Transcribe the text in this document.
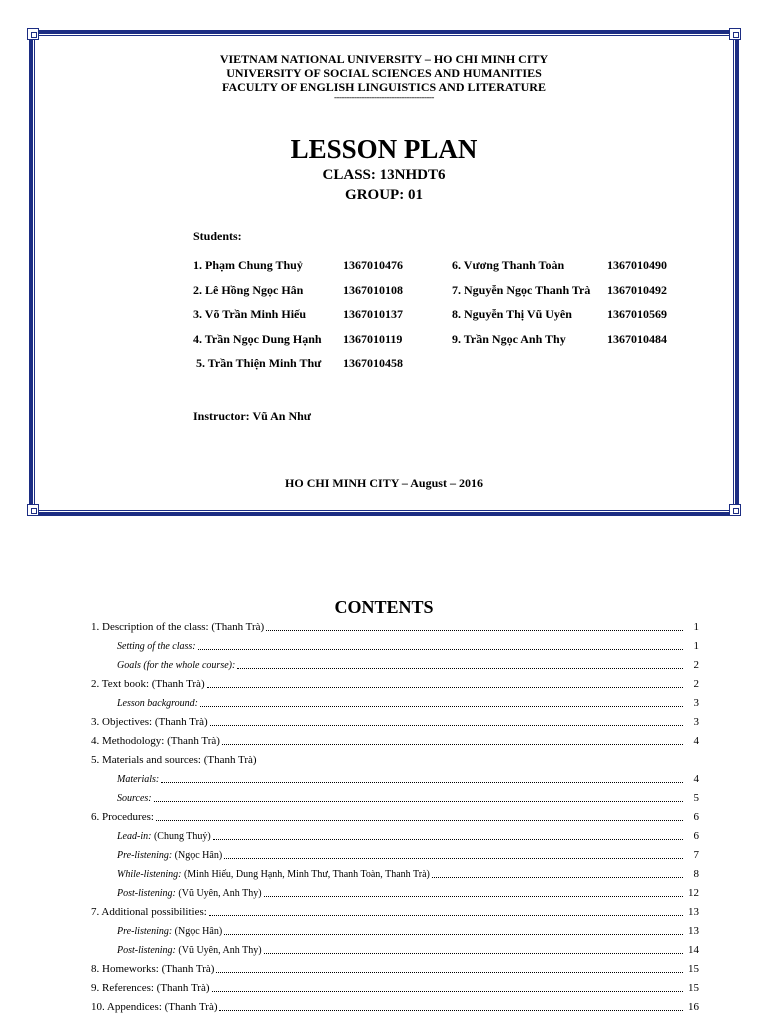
VIETNAM NATIONAL UNIVERSITY – HO CHI MINH CITY
UNIVERSITY OF SOCIAL SCIENCES AND HUMANITIES
FACULTY OF ENGLISH LINGUISTICS AND LITERATURE
----------------------------------------
LESSON PLAN
CLASS: 13NHDT6
GROUP: 01
Students:
1. Phạm Chung Thuỷ	1367010476
2. Lê Hồng Ngọc Hân	1367010108
3. Võ Trần Minh Hiếu	1367010137
4. Trần Ngọc Dung Hạnh 1367010119
5. Trần Thiện Minh Thư 1367010458
6. Vương Thanh Toàn	1367010490
7. Nguyễn Ngọc Thanh Trà 1367010492
8. Nguyễn Thị Vũ Uyên	1367010569
9. Trần Ngọc Anh Thy	1367010484
Instructor: Vũ An Như
HO CHI MINH CITY – August – 2016
CONTENTS
1. Description of the class: (Thanh Trà)	1
Setting of the class:	1
Goals (for the whole course):	2
2. Text book: (Thanh Trà)	2
Lesson background:	3
3. Objectives: (Thanh Trà)	3
4. Methodology: (Thanh Trà)	4
5. Materials and sources: (Thanh Trà)
Materials:	4
Sources:	5
6. Procedures:	6
Lead-in: (Chung Thuỷ)	6
Pre-listening: (Ngọc Hân)	7
While-listening: (Minh Hiếu, Dung Hạnh, Minh Thư, Thanh Toàn, Thanh Trà)	8
Post-listening: (Vũ Uyên, Anh Thy)	12
7. Additional possibilities:	13
Pre-listening: (Ngọc Hân)	13
Post-listening: (Vũ Uyên, Anh Thy)	14
8. Homeworks: (Thanh Trà)	15
9. References: (Thanh Trà)	15
10. Appendices: (Thanh Trà)	16
